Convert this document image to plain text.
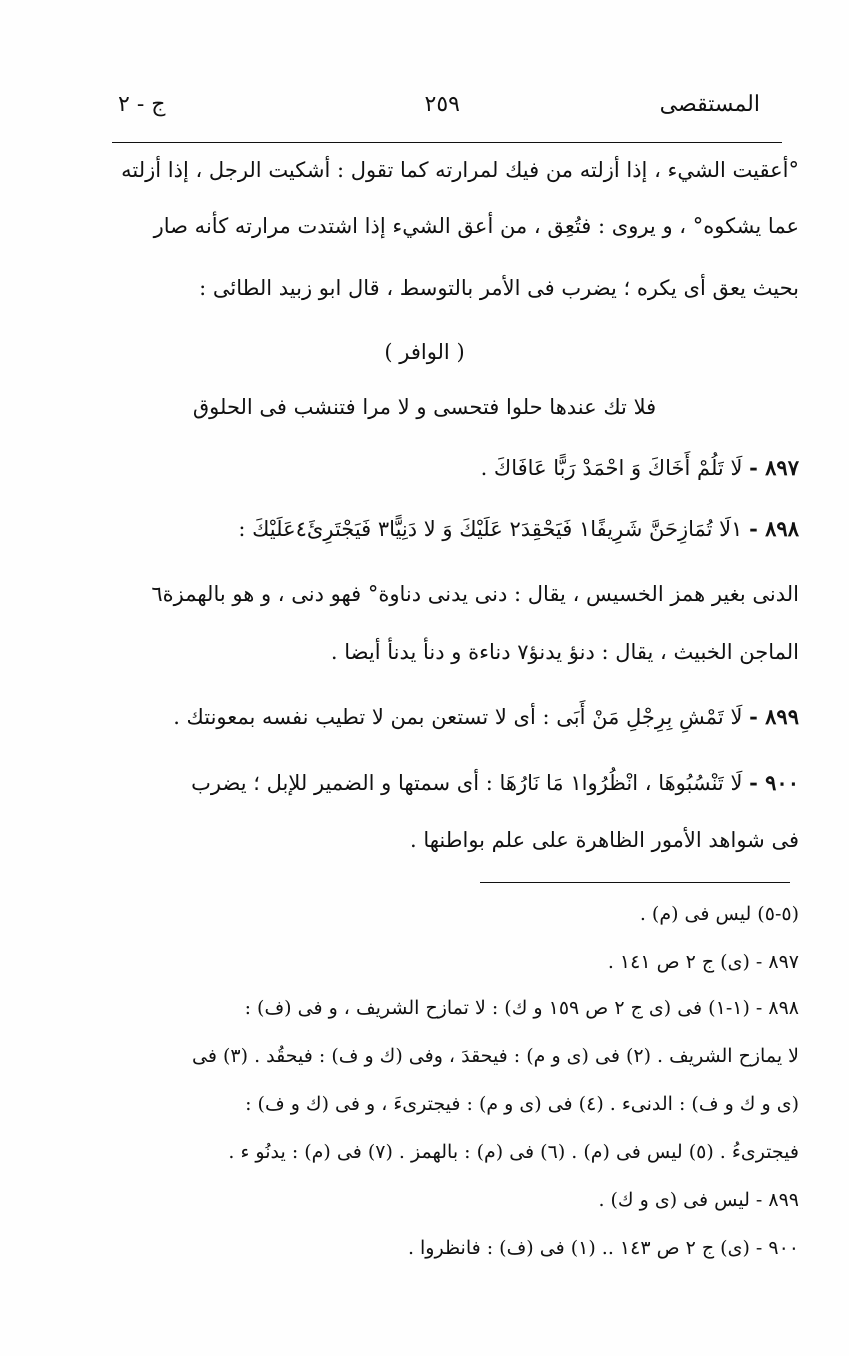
المستقصى
٢٥٩
ج - ٢
°أعقيت الشيء ، إذا أزلته من فيك لمرارته كما تقول : أشكيت الرجل ، إذا أزلته
عما يشكوه° ، و يروى : فتُعِق ، من أعق الشيء إذا اشتدت مرارته كأنه صار
بحيث يعق أى يكره ؛ يضرب فى الأمر بالتوسط ، قال ابو زبيد الطائى :
( الوافر )
فلا تك عندها حلوا فتحسى و لا مرا فتنشب فى الحلوق
٨٩٧ - لَا تَلُمْ أَخَاكَ وَ احْمَدْ رَبًّا عَافَاكَ .
٨٩٨ - ١لَا تُمَازِحَنَّ شَرِيفًا١ فَيَحْقِدَ٢ عَلَيْكَ وَ لا دَنِيًّا٣ فَيَجْتَرِئَ٤عَلَيْكَ :
الدنى بغير همز الخسيس ، يقال : دنى يدنى دناوة° فهو دنى ، و هو بالهمزة٦
الماجن الخبيث ، يقال : دنؤ يدنؤ٧ دناءة و دنأ يدنأ أيضا .
٨٩٩ - لَا تَمْشِ بِرِجْلِ مَنْ أَبَى : أى لا تستعن بمن لا تطيب نفسه بمعونتك .
٩٠٠ - لَا تَنْسُبُوهَا ، انْظُرُوا١ مَا نَارُهَا : أى سمتها و الضمير للإبل ؛ يضرب
فى شواهد الأمور الظاهرة على علم بواطنها .
(٥-٥) ليس فى (م) .
٨٩٧ - (ى) ج ٢ ص ١٤١ .
٨٩٨ - (١-١) فى (ى ج ٢ ص ١٥٩ و ك) : لا تمازح الشريف ، و فى (ف) :
لا يمازح الشريف . (٢) فى (ى و م) : فيحقدَ ، وفى (ك و ف) : فيحقُد . (٣) فى
(ى و ك و ف) : الدنىء . (٤) فى (ى و م) : فيجترىءَ ، و فى (ك و ف) :
فيجترىءُ . (٥) ليس فى (م) . (٦) فى (م) : بالهمز . (٧) فى (م) : يدنُو ء .
٨٩٩ - ليس فى (ى و ك) .
٩٠٠ - (ى) ج ٢ ص ١٤٣ .. (١) فى (ف) : فانظروا .
